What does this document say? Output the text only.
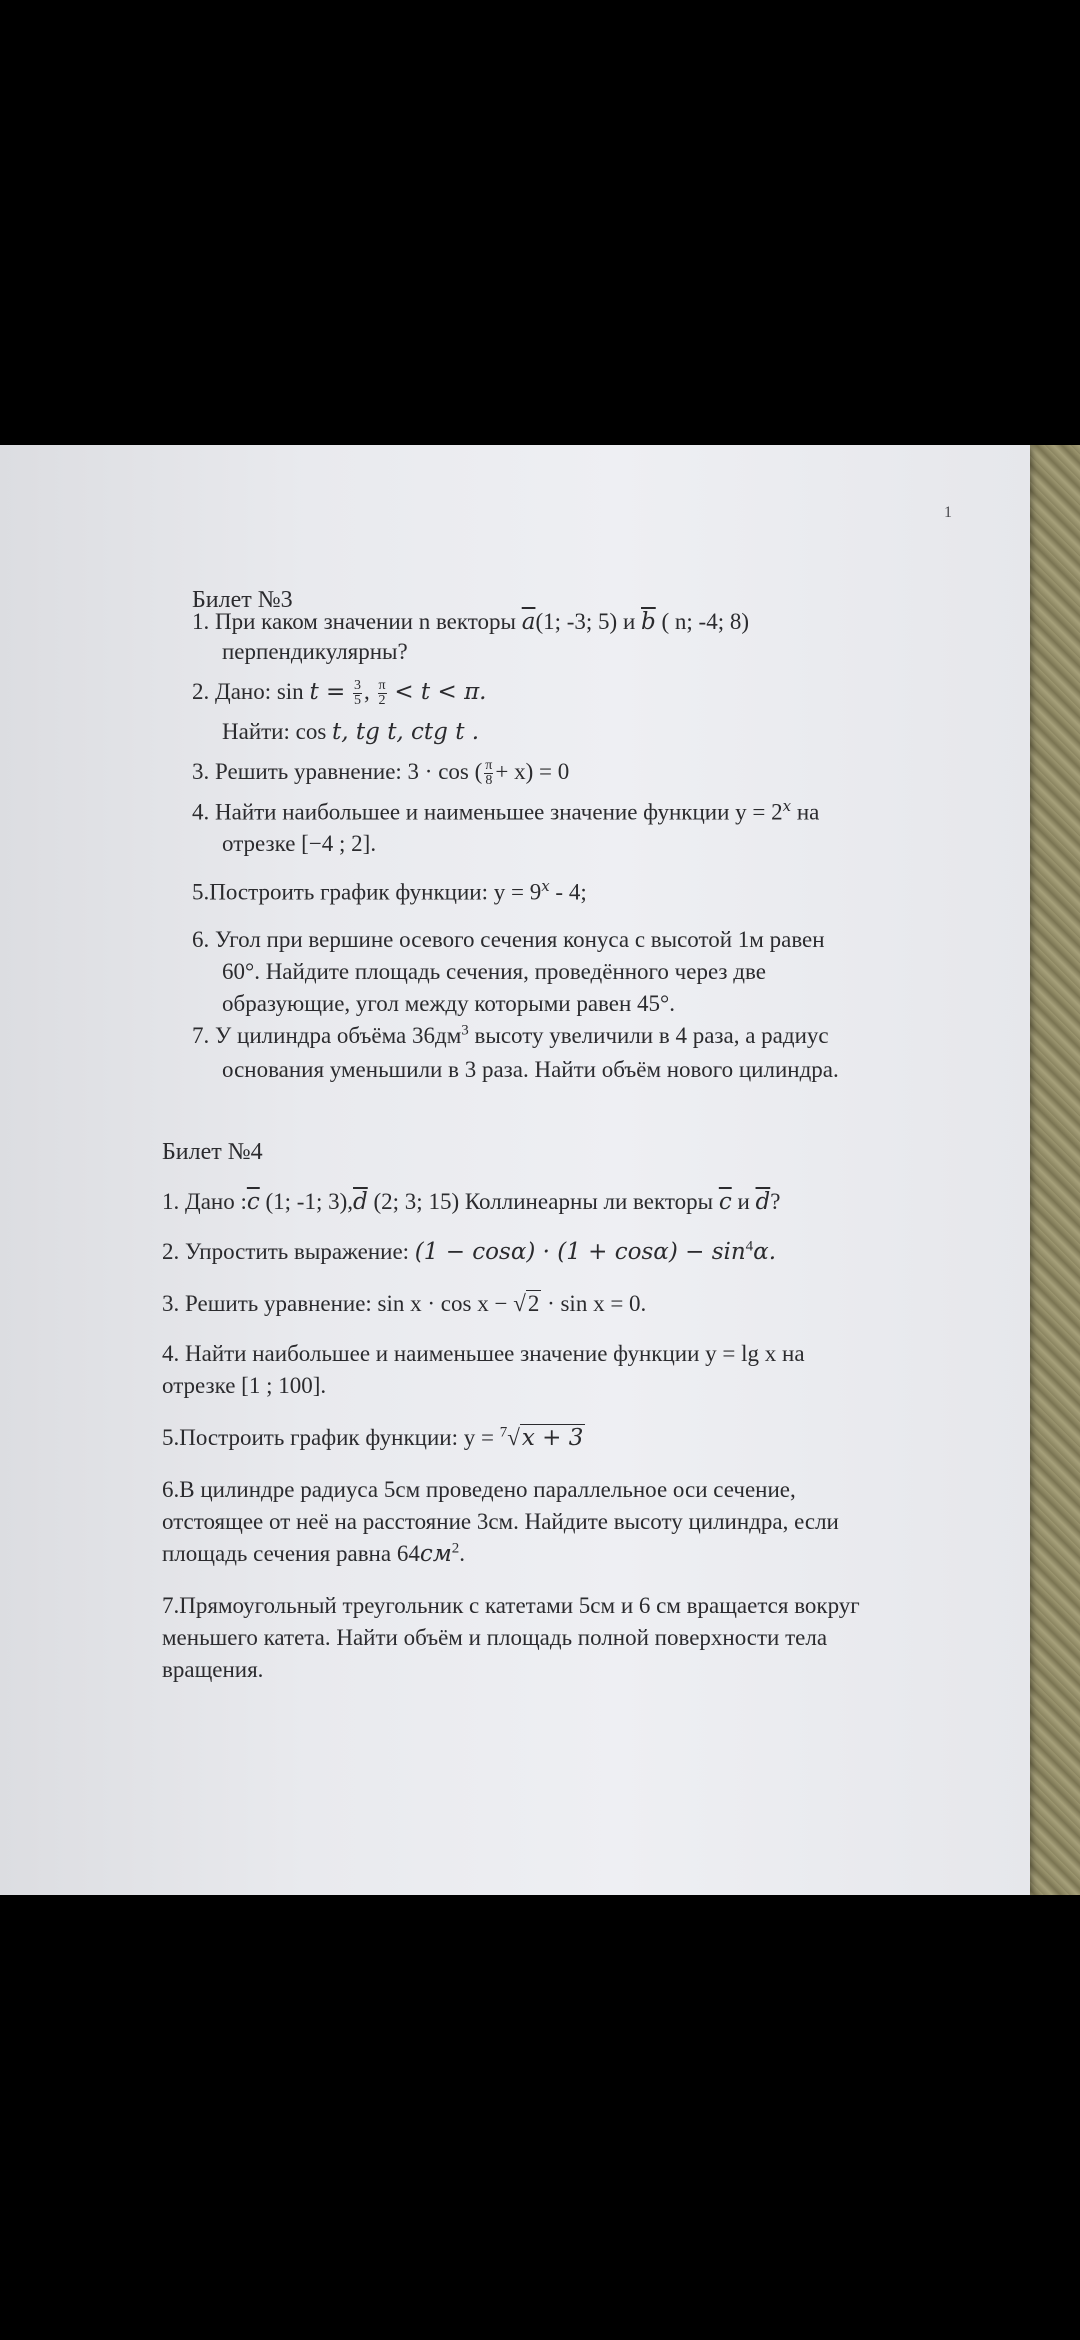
1
Билет №3
1. При каком значении n векторы $\overline{a}(1$; -3; 5) и $\overline{b}$ ( n; -4; 8)
перпендикулярны?
2. Дано: $\sin t = \frac{3}{5}$ , $\frac{\pi}{2} < t < \pi$.
Найти: cos t, tg t, ctg t .
3. Решить уравнение: 3 · cos ( $\frac{\pi}{8} + x) = 0$
4. Найти наибольшее и наименьшее значение функции $y = 2^x$ на
отрезке [−4 ; 2].
5.Построить график функции: $y = 9^x - 4$;
6. Угол при вершине осевого сечения конуса с высотой 1м равен
60°. Найдите площадь сечения, проведённого через две
образующие, угол между которыми равен 45°.
7. У цилиндра объёма $36дм^3$ высоту увеличили в 4 раза, а радиус
основания уменьшили в 3 раза. Найти объём нового цилиндра.
Билет №4
1. Дано $:\overline{c}$ (1; -1; $3),\overline{d}$ (2; 3; 15) Коллинеарны ли векторы $\overline{c}$ и $\overline{d}$?
2. Упростить выражение: $(1 - \cos\alpha) \cdot (1 + \cos\alpha) - \sin^4\alpha$.
3. Решить уравнение: sin x · cos x − √2 · sin x = 0.
4. Найти наибольшее и наименьшее значение функции y = lg x на
отрезке [1 ; 100].
5.Построить график функции: y = $^7$√x + 3
6.В цилиндре радиуса 5см проведено параллельное оси сечение,
отстоящее от неё на расстояние 3см. Найдите высоту цилиндра, если
площадь сечения равна $64см^2$.
7.Прямоугольный треугольник с катетами 5см и 6 см вращается вокруг
меньшего катета. Найти объём и площадь полной поверхности тела
вращения.
